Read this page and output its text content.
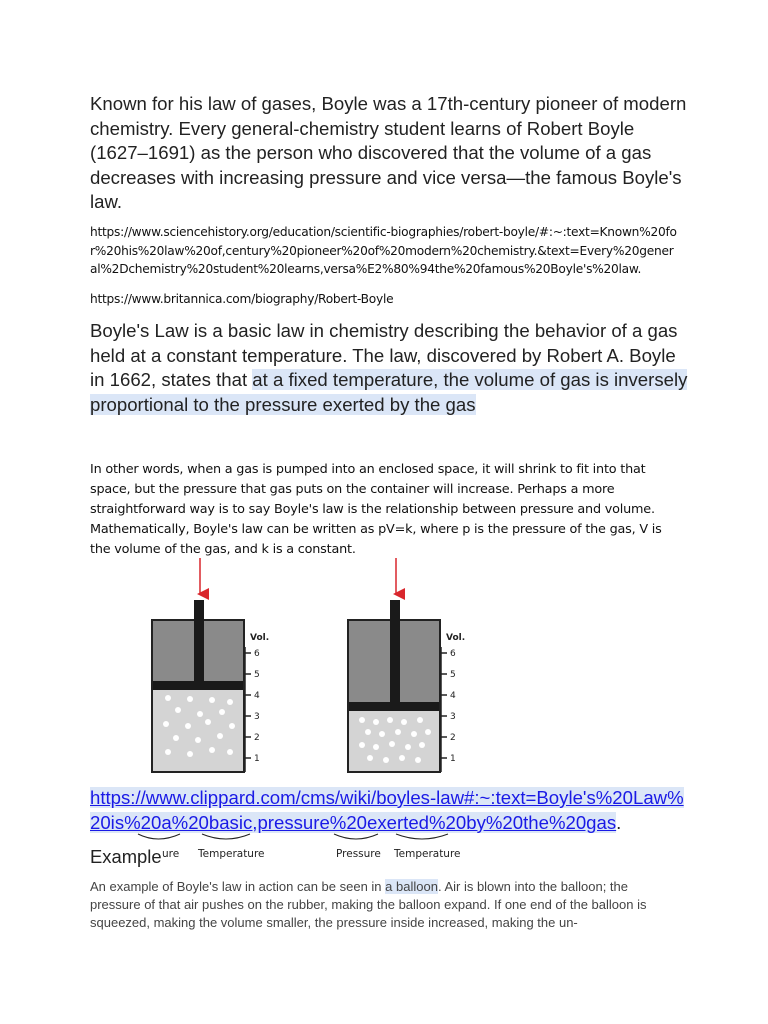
Known for his law of gases, Boyle was a 17th-century pioneer of modern chemistry. Every general-chemistry student learns of Robert Boyle (1627–1691) as the person who discovered that the volume of a gas decreases with increasing pressure and vice versa—the famous Boyle's law.
https://www.sciencehistory.org/education/scientific-biographies/robert-boyle/#:~:text=Known%20for%20his%20law%20of,century%20pioneer%20of%20modern%20chemistry.&text=Every%20general%2Dchemistry%20student%20learns,versa%E2%80%94the%20famous%20Boyle's%20law.
https://www.britannica.com/biography/Robert-Boyle
Boyle's Law is a basic law in chemistry describing the behavior of a gas held at a constant temperature. The law, discovered by Robert A. Boyle in 1662, states that at a fixed temperature, the volume of gas is inversely proportional to the pressure exerted by the gas
In other words, when a gas is pumped into an enclosed space, it will shrink to fit into that space, but the pressure that gas puts on the container will increase. Perhaps a more straightforward way is to say Boyle's law is the relationship between pressure and volume. Mathematically, Boyle's law can be written as pV=k, where p is the pressure of the gas, V is the volume of the gas, and k is a constant.
Vol.
6
5
4
3
2
1
ure Temperature
Vol.
6
5
4
3
2
1
Pressure Temperature
https://www.clippard.com/cms/wiki/boyles-law#:~:text=Boyle's%20Law%20is%20a%20basic,pressure%20exerted%20by%20the%20gas.
Example
An example of Boyle's law in action can be seen in a balloon. Air is blown into the balloon; the pressure of that air pushes on the rubber, making the balloon expand. If one end of the balloon is squeezed, making the volume smaller, the pressure inside increased, making the un-
